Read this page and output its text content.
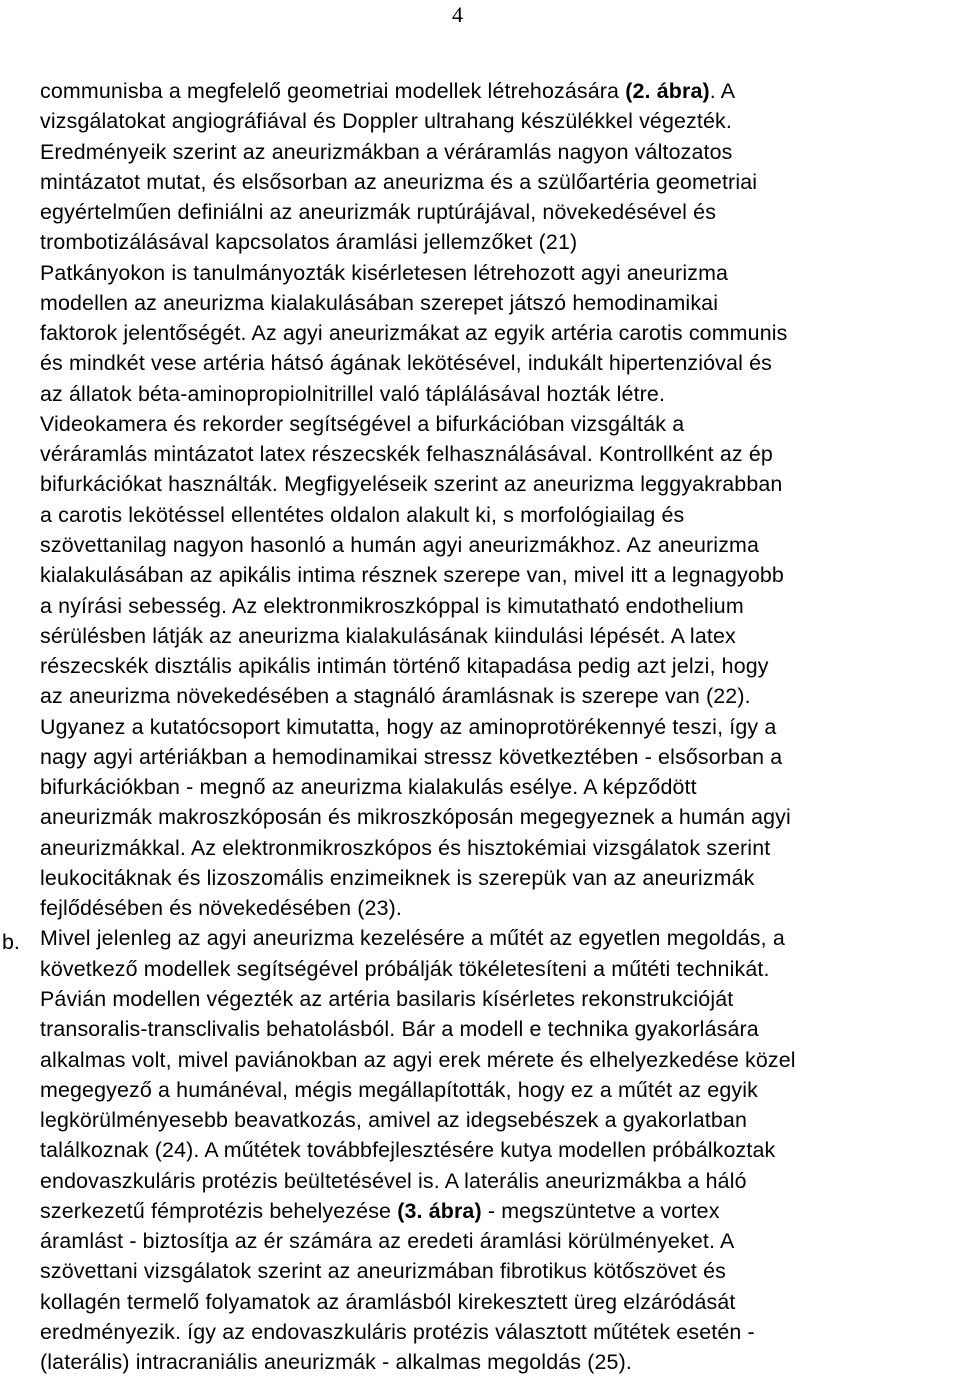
4
b.
communisba a megfelelő geometriai modellek létrehozására (2. ábra). A
vizsgálatokat angiográfiával és Doppler ultrahang készülékkel végezték.
Eredményeik szerint az aneurizmákban a véráramlás nagyon változatos
mintázatot mutat, és elsősorban az aneurizma és a szülőartéria geometriai
egyértelműen definiálni az aneurizmák ruptúrájával, növekedésével és
trombotizálásával kapcsolatos áramlási jellemzőket (21)
Patkányokon is tanulmányozták kisérletesen létrehozott agyi aneurizma
modellen az aneurizma kialakulásában szerepet játszó hemodinamikai
faktorok jelentőségét. Az agyi aneurizmákat az egyik artéria carotis communis
és mindkét vese artéria hátsó ágának lekötésével, indukált hipertenzióval és
az állatok béta-aminopropiolnitrillel való táplálásával hozták létre.
Videokamera és rekorder segítségével a bifurkációban vizsgálták a
véráramlás mintázatot latex részecskék felhasználásával. Kontrollként az ép
bifurkációkat használták. Megfigyeléseik szerint az aneurizma leggyakrabban
a carotis lekötéssel ellentétes oldalon alakult ki, s morfológiailag és
szövettanilag nagyon hasonló a humán agyi aneurizmákhoz. Az aneurizma
kialakulásában az apikális intima résznek szerepe van, mivel itt a legnagyobb
a nyírási sebesség. Az elektronmikroszkóppal is kimutatható endothelium
sérülésben látják az aneurizma kialakulásának kiindulási lépését. A latex
részecskék disztális apikális intimán történő kitapadása pedig azt jelzi, hogy
az aneurizma növekedésében a stagnáló áramlásnak is szerepe van (22).
Ugyanez a kutatócsoport kimutatta, hogy az aminoprotörékennyé teszi, így a
nagy agyi artériákban a hemodinamikai stressz következtében - elsősorban a
bifurkációkban - megnő az aneurizma kialakulás esélye. A képződött
aneurizmák makroszkóposán és mikroszkóposán megegyeznek a humán agyi
aneurizmákkal. Az elektronmikroszkópos és hisztokémiai vizsgálatok szerint
leukocitáknak és lizoszomális enzimeiknek is szerepük van az aneurizmák
fejlődésében és növekedésében (23).
Mivel jelenleg az agyi aneurizma kezelésére a műtét az egyetlen megoldás, a
következő modellek segítségével próbálják tökéletesíteni a műtéti technikát.
Pávián modellen végezték az artéria basilaris kísérletes rekonstrukcióját
transoralis-transclivalis behatolásból. Bár a modell e technika gyakorlására
alkalmas volt, mivel paviánokban az agyi erek mérete és elhelyezkedése közel
megegyező a humánéval, mégis megállapították, hogy ez a műtét az egyik
legkörülményesebb beavatkozás, amivel az idegsebészek a gyakorlatban
találkoznak (24). A műtétek továbbfejlesztésére kutya modellen próbálkoztak
endovaszkuláris protézis beültetésével is. A laterális aneurizmákba a háló
szerkezetű fémprotézis behelyezése (3. ábra) - megszüntetve a vortex
áramlást - biztosítja az ér számára az eredeti áramlási körülményeket. A
szövettani vizsgálatok szerint az aneurizmában fibrotikus kötőszövet és
kollagén termelő folyamatok az áramlásból kirekesztett üreg elzáródását
eredményezik. így az endovaszkuláris protézis választott műtétek esetén -
(laterális) intracraniális aneurizmák - alkalmas megoldás (25).
